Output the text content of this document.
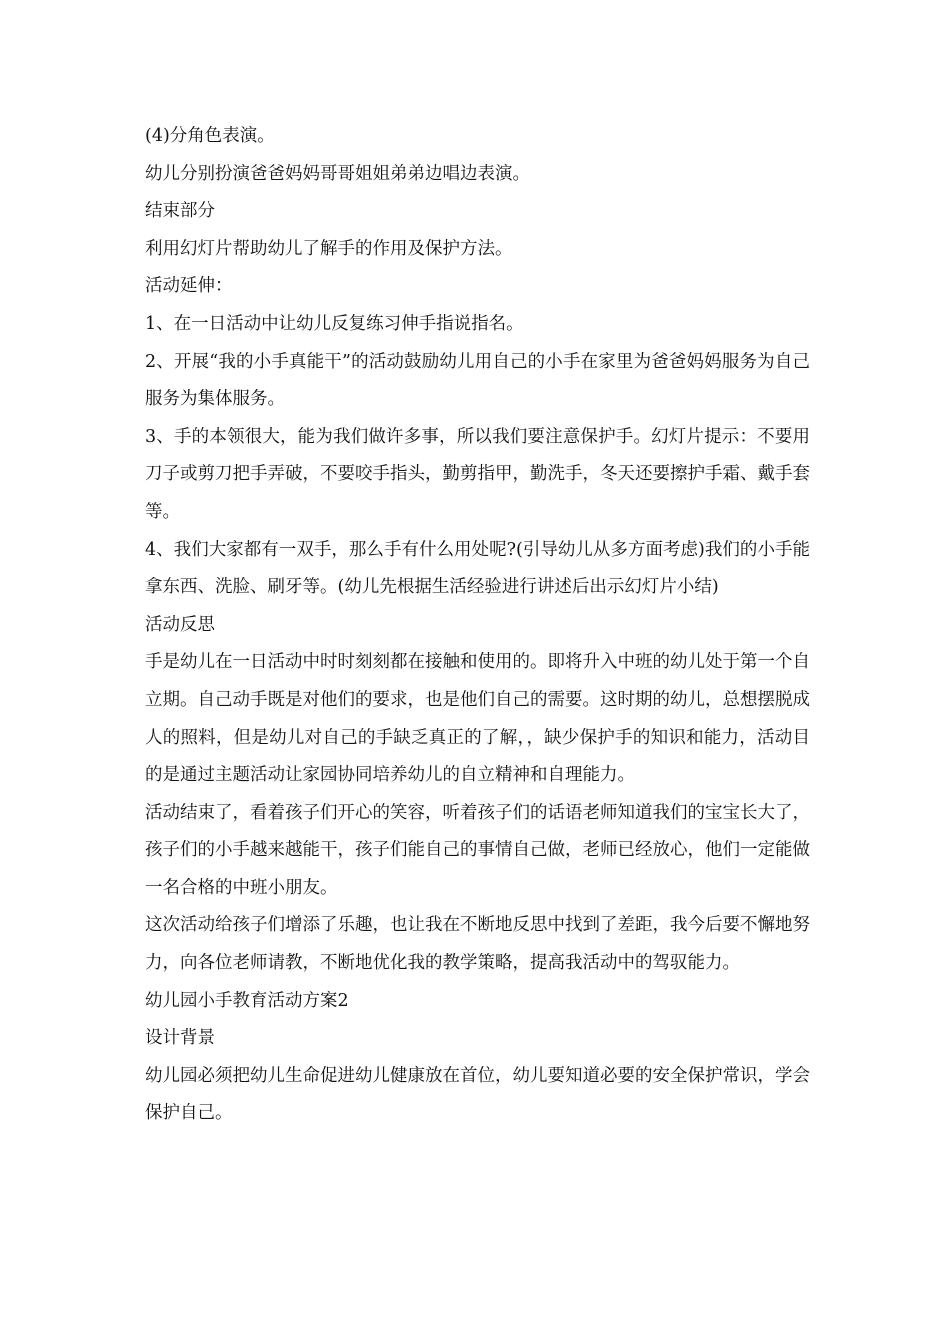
(4)分角色表演。

幼儿分别扮演爸爸妈妈哥哥姐姐弟弟边唱边表演。

结束部分

利用幻灯片帮助幼儿了解手的作用及保护方法。

活动延伸：

1、在一日活动中让幼儿反复练习伸手指说指名。

2、开展“我的小手真能干”的活动鼓励幼儿用自己的小手在家里为爸爸妈妈服务为自己服务为集体服务。

3、手的本领很大，能为我们做许多事，所以我们要注意保护手。幻灯片提示：不要用刀子或剪刀把手弄破，不要咬手指头，勤剪指甲，勤洗手，冬天还要擦护手霜、戴手套等。

4、我们大家都有一双手，那么手有什么用处呢?(引导幼儿从多方面考虑)我们的小手能拿东西、洗脸、刷牙等。(幼儿先根据生活经验进行讲述后出示幻灯片小结)

活动反思

手是幼儿在一日活动中时时刻刻都在接触和使用的。即将升入中班的幼儿处于第一个自立期。自己动手既是对他们的要求，也是他们自己的需要。这时期的幼儿，总想摆脱成人的照料，但是幼儿对自己的手缺乏真正的了解，，缺少保护手的知识和能力，活动目的是通过主题活动让家园协同培养幼儿的自立精神和自理能力。

活动结束了，看着孩子们开心的笑容，听着孩子们的话语老师知道我们的宝宝长大了，孩子们的小手越来越能干，孩子们能自己的事情自己做，老师已经放心，他们一定能做一名合格的中班小朋友。

这次活动给孩子们增添了乐趣，也让我在不断地反思中找到了差距，我今后要不懈地努力，向各位老师请教，不断地优化我的教学策略，提高我活动中的驾驭能力。

幼儿园小手教育活动方案2

设计背景

幼儿园必须把幼儿生命促进幼儿健康放在首位，幼儿要知道必要的安全保护常识，学会保护自己。
